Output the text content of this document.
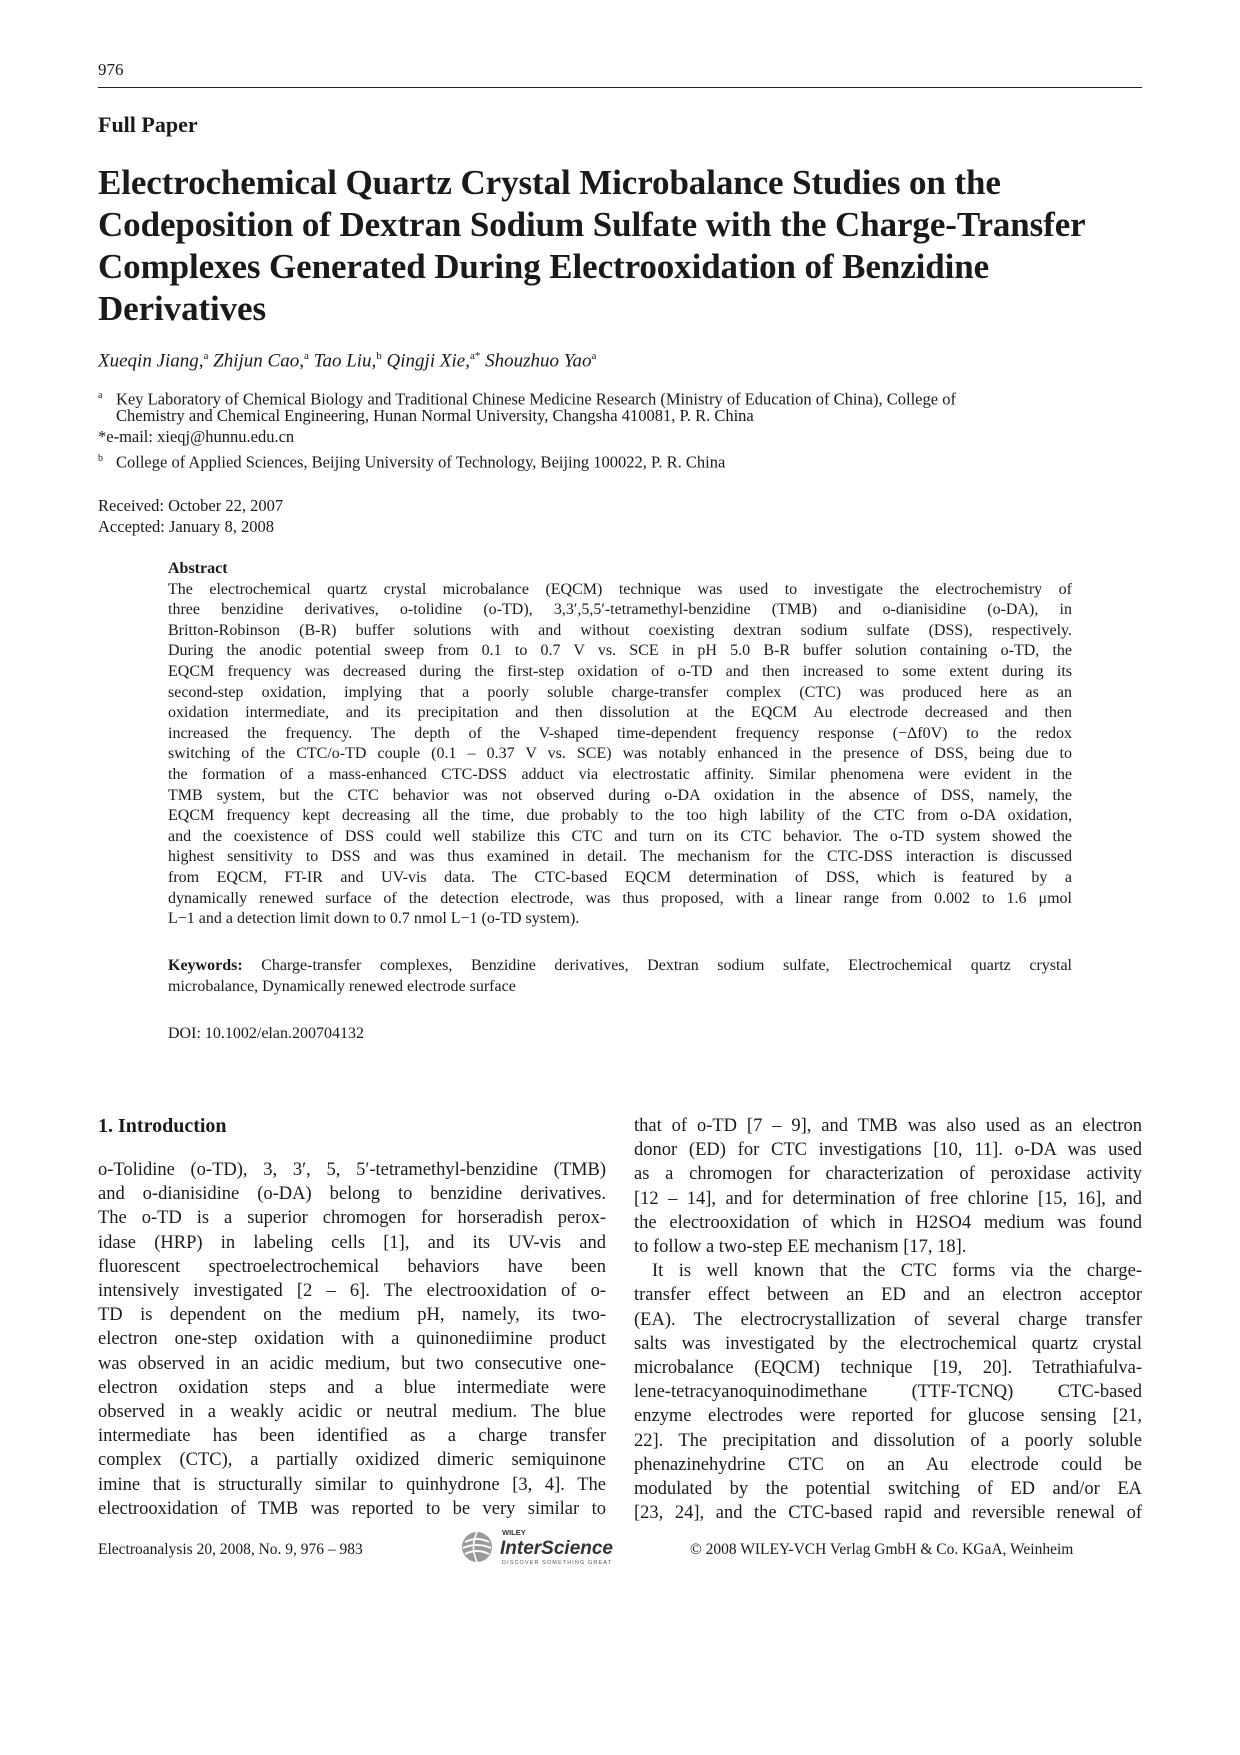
976
Full Paper
Electrochemical Quartz Crystal Microbalance Studies on the
Codeposition of Dextran Sodium Sulfate with the Charge-Transfer
Complexes Generated During Electrooxidation of Benzidine
Derivatives
Xueqin Jiang,$^a$ Zhijun Cao,$^a$ Tao Liu,$^b$ Qingji Xie,$^{a*}$ Shouzhuo Yao$^a$
$^a$ Key Laboratory of Chemical Biology and Traditional Chinese Medicine Research (Ministry of Education of China), College of
Chemistry and Chemical Engineering, Hunan Normal University, Changsha 410081, P. R. China
*e-mail: xieqj@hunnu.edu.cn
$^b$ College of Applied Sciences, Beijing University of Technology, Beijing 100022, P. R. China
Received: October 22, 2007
Accepted: January 8, 2008
Abstract
The electrochemical quartz crystal microbalance (EQCM) technique was used to investigate the electrochemistry of
three benzidine derivatives, o-tolidine (o-TD), 3,3′,5,5′-tetramethyl-benzidine (TMB) and o-dianisidine (o-DA), in
Britton-Robinson (B-R) buffer solutions with and without coexisting dextran sodium sulfate (DSS), respectively.
During the anodic potential sweep from 0.1 to 0.7 V vs. SCE in pH 5.0 B-R buffer solution containing o-TD, the
EQCM frequency was decreased during the first-step oxidation of o-TD and then increased to some extent during its
second-step oxidation, implying that a poorly soluble charge-transfer complex (CTC) was produced here as an
oxidation intermediate, and its precipitation and then dissolution at the EQCM Au electrode decreased and then
increased the frequency. The depth of the V-shaped time-dependent frequency response (−Δf0V) to the redox
switching of the CTC/o-TD couple (0.1 – 0.37 V vs. SCE) was notably enhanced in the presence of DSS, being due to
the formation of a mass-enhanced CTC-DSS adduct via electrostatic affinity. Similar phenomena were evident in the
TMB system, but the CTC behavior was not observed during o-DA oxidation in the absence of DSS, namely, the
EQCM frequency kept decreasing all the time, due probably to the too high lability of the CTC from o-DA oxidation,
and the coexistence of DSS could well stabilize this CTC and turn on its CTC behavior. The o-TD system showed the
highest sensitivity to DSS and was thus examined in detail. The mechanism for the CTC-DSS interaction is discussed
from EQCM, FT-IR and UV-vis data. The CTC-based EQCM determination of DSS, which is featured by a
dynamically renewed surface of the detection electrode, was thus proposed, with a linear range from 0.002 to 1.6 μmol
L−1 and a detection limit down to 0.7 nmol L−1 (o-TD system).
Keywords: Charge-transfer complexes, Benzidine derivatives, Dextran sodium sulfate, Electrochemical quartz crystal
microbalance, Dynamically renewed electrode surface
DOI: 10.1002/elan.200704132
1. Introduction
o-Tolidine (o-TD), 3, 3′, 5, 5′-tetramethyl-benzidine (TMB)
and o-dianisidine (o-DA) belong to benzidine derivatives.
The o-TD is a superior chromogen for horseradish perox-
idase (HRP) in labeling cells [1], and its UV-vis and
fluorescent spectroelectrochemical behaviors have been
intensively investigated [2 – 6]. The electrooxidation of o-
TD is dependent on the medium pH, namely, its two-
electron one-step oxidation with a quinonediimine product
was observed in an acidic medium, but two consecutive one-
electron oxidation steps and a blue intermediate were
observed in a weakly acidic or neutral medium. The blue
intermediate has been identified as a charge transfer
complex (CTC), a partially oxidized dimeric semiquinone
imine that is structurally similar to quinhydrone [3, 4]. The
electrooxidation of TMB was reported to be very similar to
that of o-TD [7 – 9], and TMB was also used as an electron
donor (ED) for CTC investigations [10, 11]. o-DA was used
as a chromogen for characterization of peroxidase activity
[12 – 14], and for determination of free chlorine [15, 16], and
the electrooxidation of which in H2SO4 medium was found
to follow a two-step EE mechanism [17, 18].
It is well known that the CTC forms via the charge-
transfer effect between an ED and an electron acceptor
(EA). The electrocrystallization of several charge transfer
salts was investigated by the electrochemical quartz crystal
microbalance (EQCM) technique [19, 20]. Tetrathiafulva-
lene-tetracyanoquinodimethane (TTF-TCNQ) CTC-based
enzyme electrodes were reported for glucose sensing [21,
22]. The precipitation and dissolution of a poorly soluble
phenazinehydrine CTC on an Au electrode could be
modulated by the potential switching of ED and/or EA
[23, 24], and the CTC-based rapid and reversible renewal of
Electroanalysis 20, 2008, No. 9, 976 – 983
WILEY
InterScience
DISCOVER SOMETHING GREAT
© 2008 WILEY-VCH Verlag GmbH & Co. KGaA, Weinheim
